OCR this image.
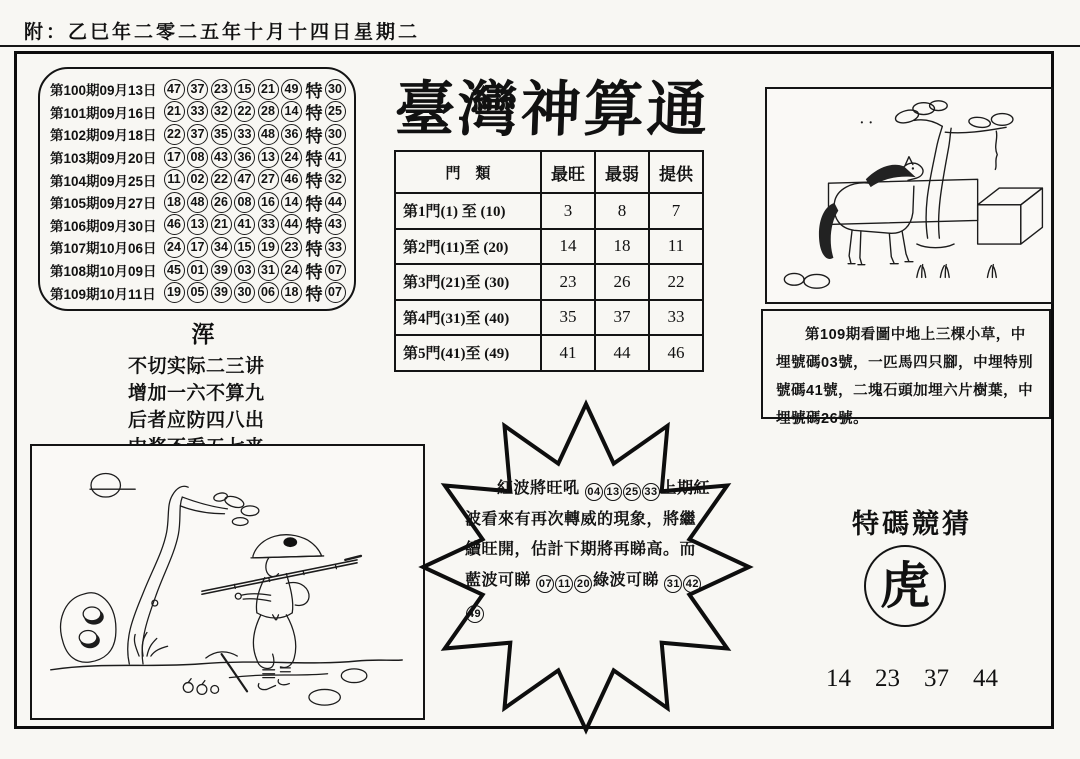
附：乙巳年二零二五年十月十四日星期二
第100期09月13日 47 37 23 15 21 49 特 30
第101期09月16日 21 33 32 22 28 14 特 25
第102期09月18日 22 37 35 33 48 36 特 30
第103期09月20日 17 08 43 36 13 24 特 41
第104期09月25日 11 02 22 47 27 46 特 32
第105期09月27日 18 48 26 08 16 14 特 44
第106期09月30日 46 13 21 41 33 44 特 43
第107期10月06日 24 17 34 15 19 23 特 33
第108期10月09日 45 01 39 03 31 24 特 07
第109期10月11日 19 05 39 30 06 18 特 07
臺灣神算通
門　類	最旺	最弱	提供
第1門(1) 至 (10)	3	8	7
第2門(11)至 (20)	14	18	11
第3門(21)至 (30)	23	26	22
第4門(31)至 (40)	35	37	33
第5門(41)至 (49)	41	44	46
第109期看圖中地上三棵小草，中埋號碼03號，一匹馬四只腳，中埋特別號碼41號，二塊石頭加埋六片樹葉，中埋號碼26號。
浑
不切实际二三讲
增加一六不算九
后者应防四八出
紅波將旺吼 04 13 25 33 上期紅波看來有再次轉威的現象，將繼續旺開，估計下期將再睇高。而藍波可睇 07 11 20 綠波可睇 31 4249
特碼競猜
虎
14 23 37 44
